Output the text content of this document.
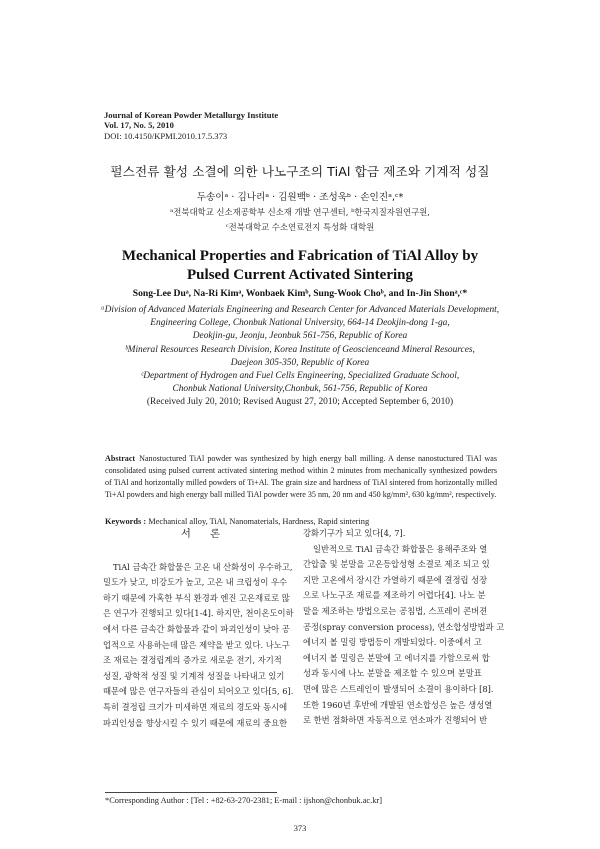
Journal of Korean Powder Metallurgy Institute
Vol. 17, No. 5, 2010
DOI: 10.4150/KPMI.2010.17.5.373
펄스전류 활성 소결에 의한 나노구조의 TiAl 합금 제조와 기계적 성질
두송이ᵃ · 김나리ᵃ · 김원백ᵇ · 조성욱ᵇ · 손인진ᵃ,ᶜ*
ᵃ전북대학교 신소재공학부 신소재 개발 연구센터, ᵇ한국지질자원연구원,
ᶜ전북대학교 수소연료전지 특성화 대학원
Mechanical Properties and Fabrication of TiAl Alloy by
Pulsed Current Activated Sintering
Song-Lee Duᵃ, Na-Ri Kimᵃ, Wonbaek Kimᵇ, Sung-Wook Choᵇ, and In-Jin Shonᵃ,ᶜ*
ᵃDivision of Advanced Materials Engineering and Research Center for Advanced Materials Development,
Engineering College, Chonbuk National University, 664-14 Deokjin-dong 1-ga,
Deokjin-gu, Jeonju, Jeonbuk 561-756, Republic of Korea
ᵇMineral Resources Research Division, Korea Institute of Geoscienceand Mineral Resources,
Daejeon 305-350, Republic of Korea
ᶜDepartment of Hydrogen and Fuel Cells Engineering, Specialized Graduate School,
Chonbuk National University,Chonbuk, 561-756, Republic of Korea
(Received July 20, 2010; Revised August 27, 2010; Accepted September 6, 2010)
Abstract Nanostuctured TiAl powder was synthesized by high energy ball milling. A dense nanostuctured TiAl was consolidated using pulsed current activated sintering method within 2 minutes from mechanically synthesized powders of TiAl and horizontally milled powders of Ti+Al. The grain size and hardness of TiAl sintered from horizontally milled Ti+Al powders and high energy ball milled TiAl powder were 35 nm, 20 nm and 450 kg/mm², 630 kg/mm², respectively.
Keywords : Mechanical alloy, TiAl, Nanomaterials, Hardness, Rapid sintering
서 론
TiAl 금속간 화합물은 고온 내 산화성이 우수하고,
밀도가 낮고, 비강도가 높고, 고온 내 크립성이 우수
하기 때문에 가혹한 부식 환경과 엔진 고온재료로 많
은 연구가 진행되고 있다[1-4]. 하지만, 천이온도이하
에서 다른 금속간 화합물과 같이 파괴인성이 낮아 공
업적으로 사용하는데 많은 제약을 받고 있다. 나노구
조 재료는 결정립계의 증가로 새로운 전기, 자기적
성질, 광학적 성질 및 기계적 성질을 나타내고 있기
때문에 많은 연구자들의 관심이 되어오고 있다[5, 6].
특히 결정립 크기가 미세하면 재료의 경도와 동시에
파괴인성을 향상시킬 수 있기 때문에 재료의 중요한
강화기구가 되고 있다[4, 7].
일반적으로 TiAl 금속간 화합물은 용해주조와 열
간압출 및 분말을 고온등압성형 소결로 제조 되고 있
지만 고온에서 장시간 가열하기 때문에 결정립 성장
으로 나노구조 재료를 제조하기 어렵다[4]. 나노 분
말을 제조하는 방법으로는 공침법, 스프레이 콘버젼
공정(spray conversion process), 연소합성방법과 고
에너지 볼 밀링 방법등이 개발되었다. 이중에서 고
에너지 볼 밀링은 분말에 고 에너지를 가함으로써 합
성과 동시에 나노 분말을 제조할 수 있으며 분말표
면에 많은 스트레인이 발생되어 소결이 용이하다 [8].
또한 1960년 후반에 개발된 연소합성은 높은 생성열
로 한번 점화하면 자동적으로 연소파가 진행되어 반
*Corresponding Author : [Tel : +82-63-270-2381; E-mail : ijshon@chonbuk.ac.kr]
373
